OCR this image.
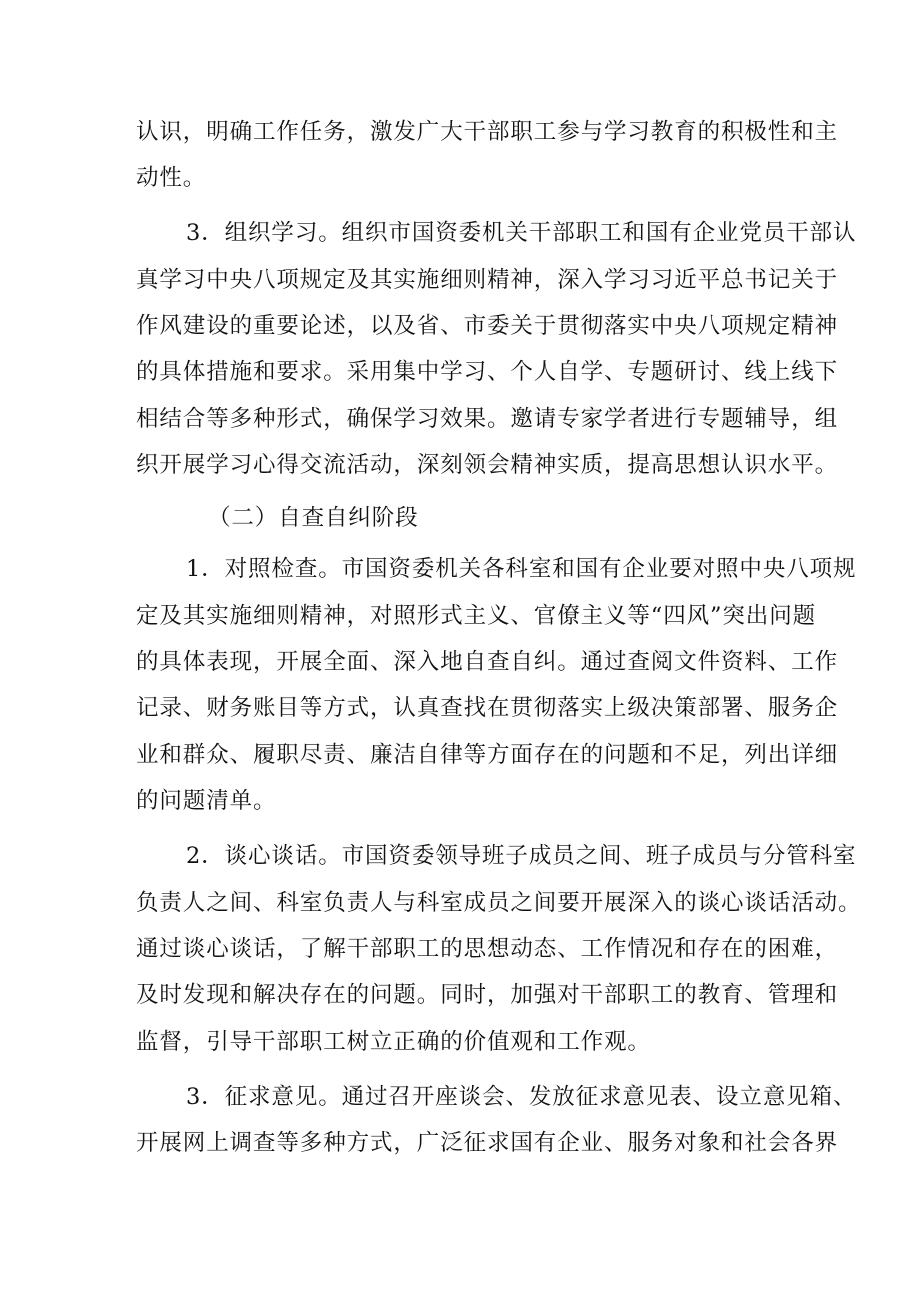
认识，明确工作任务，激发广大干部职工参与学习教育的积极性和主
动性。
3．组织学习。组织市国资委机关干部职工和国有企业党员干部认
真学习中央八项规定及其实施细则精神，深入学习习近平总书记关于
作风建设的重要论述，以及省、市委关于贯彻落实中央八项规定精神
的具体措施和要求。采用集中学习、个人自学、专题研讨、线上线下
相结合等多种形式，确保学习效果。邀请专家学者进行专题辅导，组
织开展学习心得交流活动，深刻领会精神实质，提高思想认识水平。
（二）自查自纠阶段
1．对照检查。市国资委机关各科室和国有企业要对照中央八项规
定及其实施细则精神，对照形式主义、官僚主义等“四风”突出问题
的具体表现，开展全面、深入地自查自纠。通过查阅文件资料、工作
记录、财务账目等方式，认真查找在贯彻落实上级决策部署、服务企
业和群众、履职尽责、廉洁自律等方面存在的问题和不足，列出详细
的问题清单。
2．谈心谈话。市国资委领导班子成员之间、班子成员与分管科室
负责人之间、科室负责人与科室成员之间要开展深入的谈心谈话活动。
通过谈心谈话，了解干部职工的思想动态、工作情况和存在的困难，
及时发现和解决存在的问题。同时，加强对干部职工的教育、管理和
监督，引导干部职工树立正确的价值观和工作观。
3．征求意见。通过召开座谈会、发放征求意见表、设立意见箱、
开展网上调查等多种方式，广泛征求国有企业、服务对象和社会各界
